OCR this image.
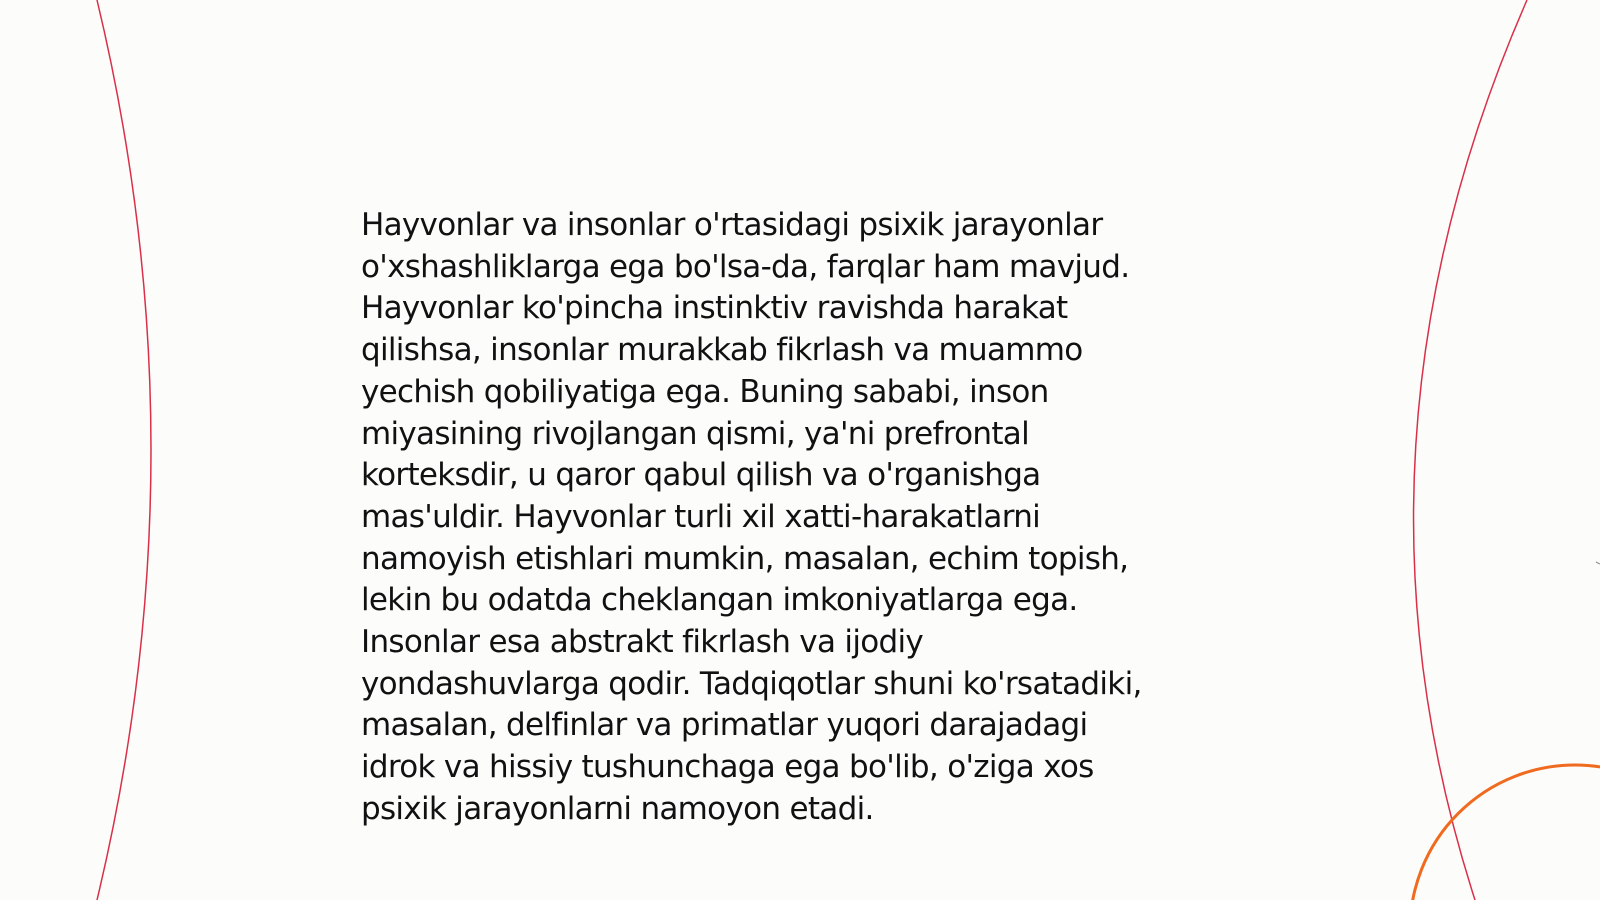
Hayvonlar va insonlar o'rtasidagi psixik jarayonlar
o'xshashliklarga ega bo'lsa-da, farqlar ham mavjud.
Hayvonlar ko'pincha instinktiv ravishda harakat
qilishsa, insonlar murakkab fikrlash va muammo
yechish qobiliyatiga ega. Buning sababi, inson
miyasining rivojlangan qismi, ya'ni prefrontal
korteksdir, u qaror qabul qilish va o'rganishga
mas'uldir. Hayvonlar turli xil xatti-harakatlarni
namoyish etishlari mumkin, masalan, echim topish,
lekin bu odatda cheklangan imkoniyatlarga ega.
Insonlar esa abstrakt fikrlash va ijodiy
yondashuvlarga qodir. Tadqiqotlar shuni ko'rsatadiki,
masalan, delfinlar va primatlar yuqori darajadagi
idrok va hissiy tushunchaga ega bo'lib, o'ziga xos
psixik jarayonlarni namoyon etadi.
